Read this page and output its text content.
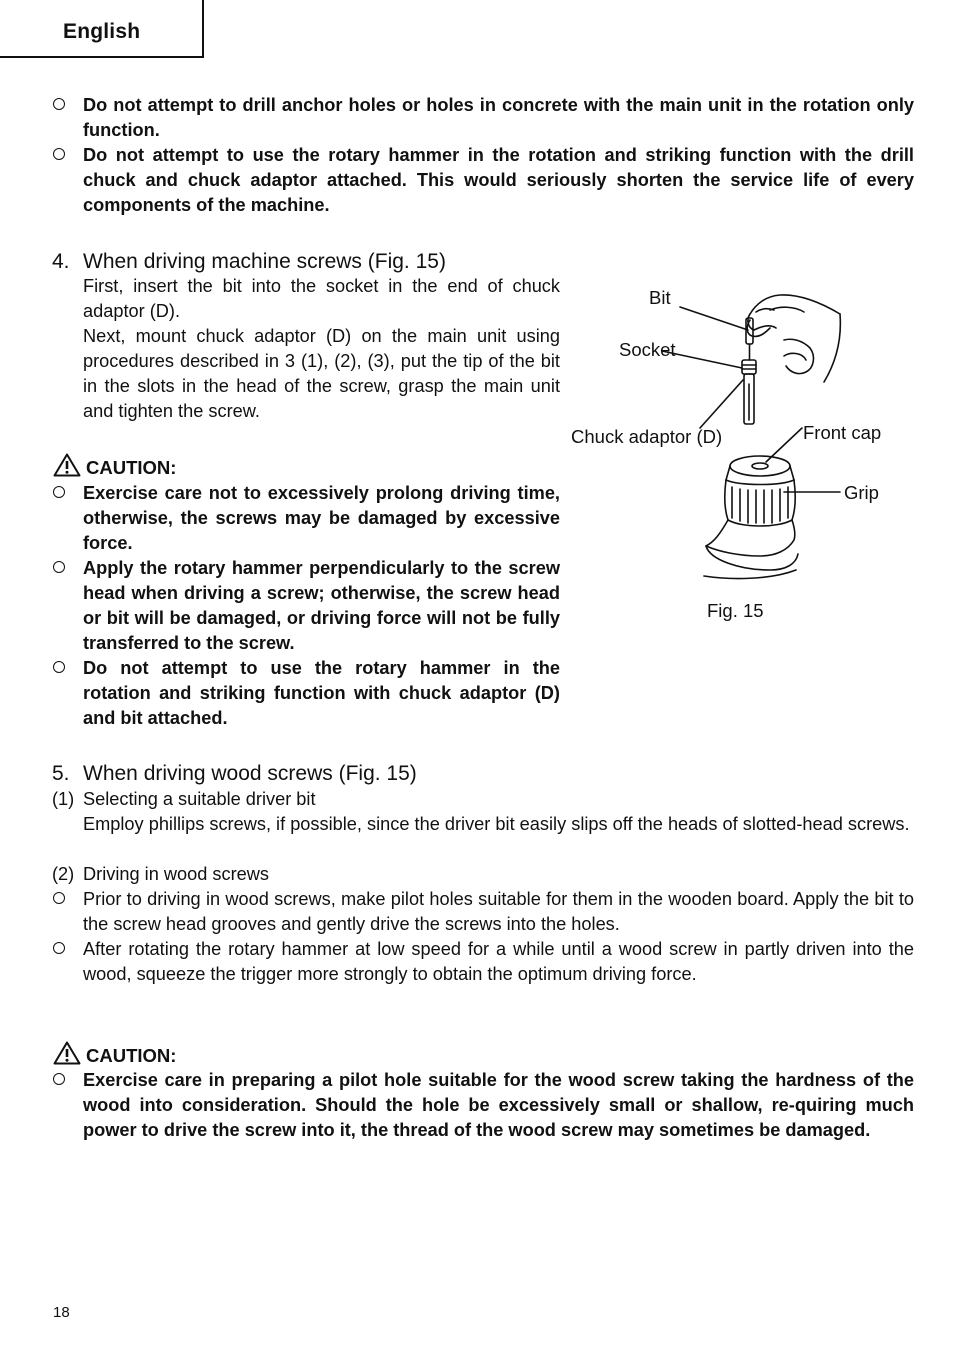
English
Do not attempt to drill anchor holes or holes in concrete with the main unit in the rotation only function.
Do not attempt to use the rotary hammer in the rotation and striking function with the drill chuck and chuck adaptor attached. This would seriously shorten the service life of every components of the machine.
4. When driving machine screws (Fig. 15)
First, insert the bit into the socket in the end of chuck adaptor (D).
Next, mount chuck adaptor (D) on the main unit using procedures described in 3 (1), (2), (3), put the tip of the bit in the slots in the head of the screw, grasp the main unit and tighten the screw.
CAUTION:
Exercise care not to excessively prolong driving time, otherwise, the screws may be damaged by excessive force.
Apply the rotary hammer perpendicularly to the screw head when driving a screw; otherwise, the screw head or bit will be damaged, or driving force will not be fully transferred to the screw.
Do not attempt to use the rotary hammer in the rotation and striking function with chuck adaptor (D) and bit attached.
Bit
Socket
Chuck adaptor (D)	Front cap
Grip
Fig. 15
5. When driving wood screws (Fig. 15)
(1) Selecting a suitable driver bit
Employ phillips screws, if possible, since the driver bit easily slips off the heads of slotted-head screws.
(2) Driving in wood screws
Prior to driving in wood screws, make pilot holes suitable for them in the wooden board. Apply the bit to the screw head grooves and gently drive the screws into the holes.
After rotating the rotary hammer at low speed for a while until a wood screw in partly driven into the wood, squeeze the trigger more strongly to obtain the optimum driving force.
CAUTION:
Exercise care in preparing a pilot hole suitable for the wood screw taking the hardness of the wood into consideration. Should the hole be excessively small or shallow, re-quiring much power to drive the screw into it, the thread of the wood screw may sometimes be damaged.
18
